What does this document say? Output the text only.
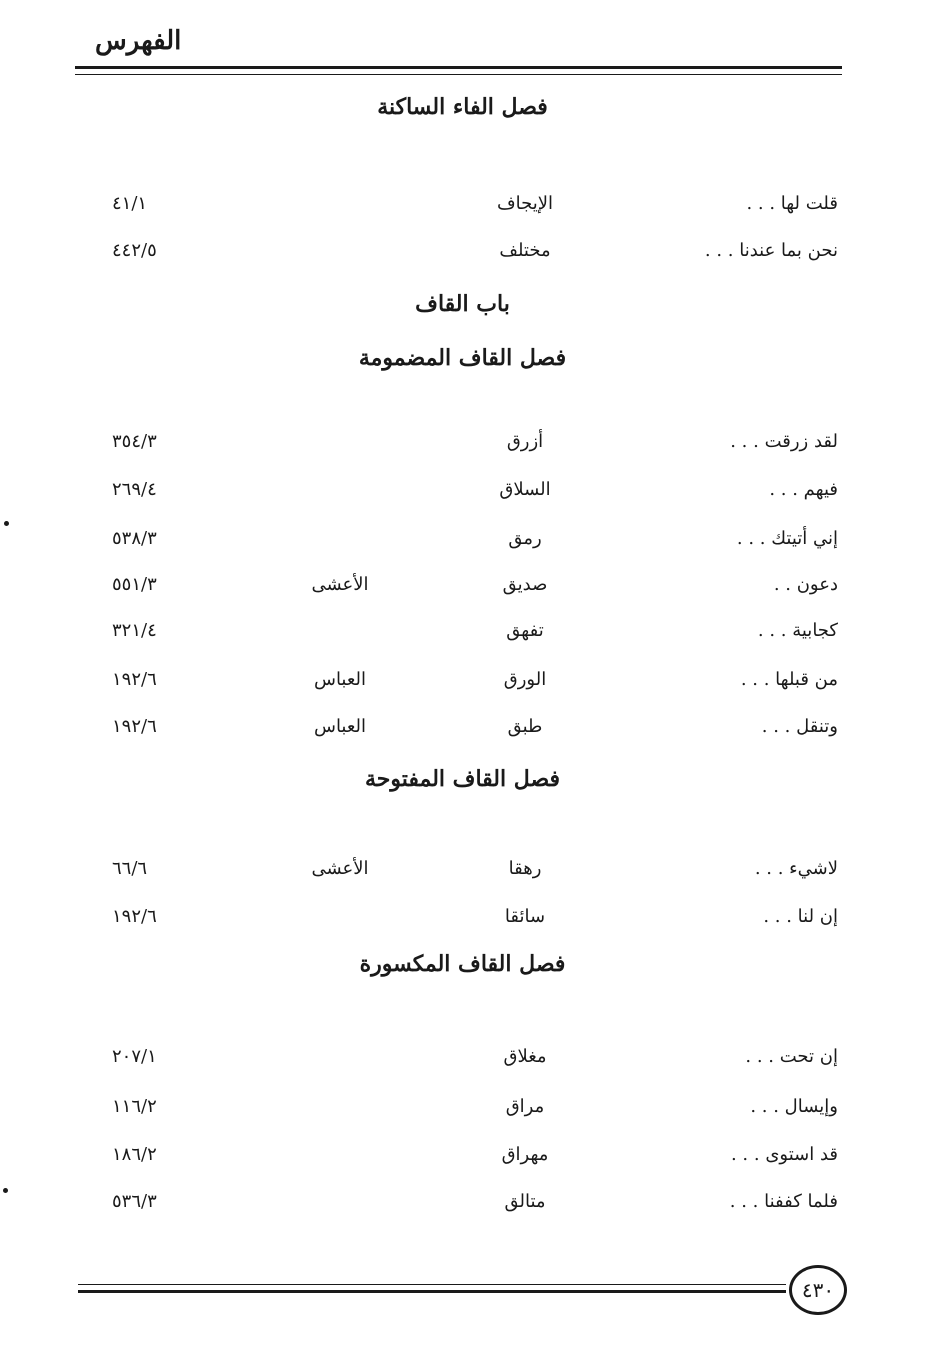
الفهرس
فصل الفاء الساكنة
قلت لها . . .
الإيجاف
٤١/١
نحن بما عندنا . . .
مختلف
٤٤٢/٥
باب القاف
فصل القاف المضمومة
لقد زرقت . . .
أزرق
٣٥٤/٣
فيهم . . .
السلاق
٢٦٩/٤
إني أتيتك . . .
رمق
٥٣٨/٣
دعون . .
صديق
الأعشى
٥٥١/٣
كجابية . . .
تفهق
٣٢١/٤
من قبلها . . .
الورق
العباس
١٩٢/٦
وتنقل . . .
طبق
العباس
١٩٢/٦
فصل القاف المفتوحة
لاشيء . . .
رهقا
الأعشى
٦٦/٦
إن لنا . . .
سائقا
١٩٢/٦
فصل القاف المكسورة
إن تحت . . .
مغلاق
٢٠٧/١
وإيسال . . .
مراق
١١٦/٢
قد استوى . . .
مهراق
١٨٦/٢
فلما كففنا . . .
متالق
٥٣٦/٣
٤٣٠
